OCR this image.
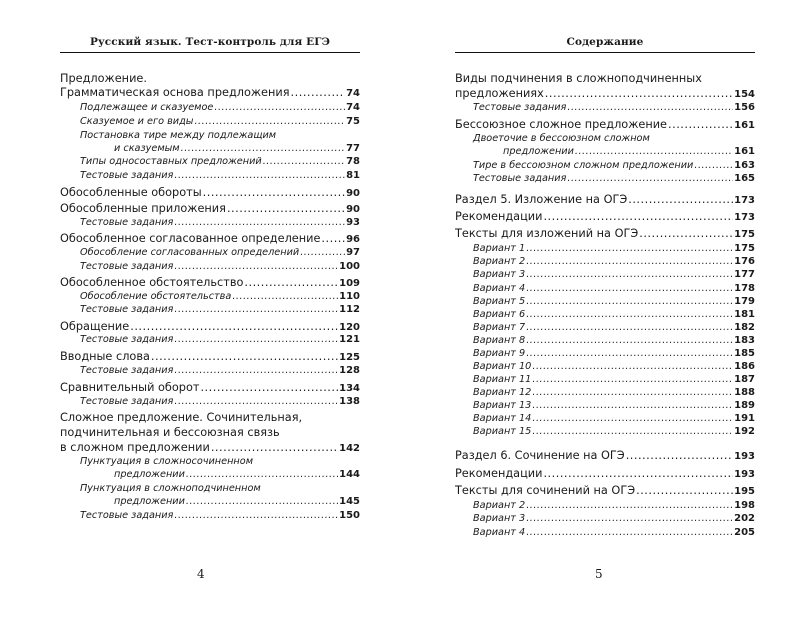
Русский язык. Тест-контроль для ЕГЭ
Предложение.
Грамматическая основа предложения .....	74
Подлежащее и сказуемое .....	74
Сказуемое и его виды .....	75
Постановка тире между подлежащим
и сказуемым .....	77
Типы односоставных предложений .....	78
Тестовые задания .....	81
Обособленные обороты .....	90
Обособленные приложения .....	90
Тестовые задания .....	93
Обособленное согласованное определение .....	96
Обособление согласованных определений .....	97
Тестовые задания .....	100
Обособленное обстоятельство .....	109
Обособление обстоятельства .....	110
Тестовые задания .....	112
Обращение .....	120
Тестовые задания .....	121
Вводные слова .....	125
Тестовые задания .....	128
Сравнительный оборот .....	134
Тестовые задания .....	138
Сложное предложение. Сочинительная,
подчинительная и бессоюзная связь
в сложном предложении .....	142
Пунктуация в сложносочиненном
предложении .....	144
Пунктуация в сложноподчиненном
предложении .....	145
Тестовые задания .....	150
4
Содержание
Виды подчинения в сложноподчиненных
предложениях .....	154
Тестовые задания .....	156
Бессоюзное сложное предложение .....	161
Двоеточие в бессоюзном сложном
предложении .....	161
Тире в бессоюзном сложном предложении .....	163
Тестовые задания .....	165
Раздел 5. Изложение на ОГЭ .....	173
Рекомендации .....	173
Тексты для изложений на ОГЭ .....	175
Вариант 1 .....	175
Вариант 2 .....	176
Вариант 3 .....	177
Вариант 4 .....	178
Вариант 5 .....	179
Вариант 6 .....	181
Вариант 7 .....	182
Вариант 8 .....	183
Вариант 9 .....	185
Вариант 10 .....	186
Вариант 11 .....	187
Вариант 12 .....	188
Вариант 13 .....	189
Вариант 14 .....	191
Вариант 15 .....	192
Раздел 6. Сочинение на ОГЭ .....	193
Рекомендации .....	193
Тексты для сочинений на ОГЭ .....	195
Вариант 2 .....	198
Вариант 3 .....	202
Вариант 4 .....	205
5
